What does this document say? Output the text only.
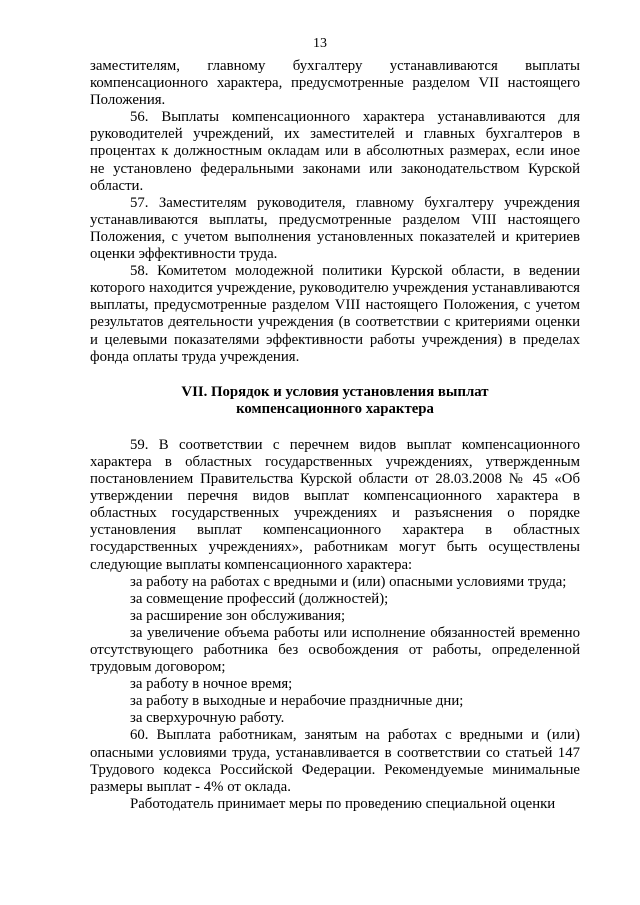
13

заместителям, главному бухгалтеру устанавливаются выплаты компенсационного характера, предусмотренные разделом VII настоящего Положения.

56. Выплаты компенсационного характера устанавливаются для руководителей учреждений, их заместителей и главных бухгалтеров в процентах к должностным окладам или в абсолютных размерах, если иное не установлено федеральными законами или законодательством Курской области.

57. Заместителям руководителя, главному бухгалтеру учреждения устанавливаются выплаты, предусмотренные разделом VIII настоящего Положения, с учетом выполнения установленных показателей и критериев оценки эффективности труда.

58. Комитетом молодежной политики Курской области, в ведении которого находится учреждение, руководителю учреждения устанавливаются выплаты, предусмотренные разделом VIII настоящего Положения, с учетом результатов деятельности учреждения (в соответствии с критериями оценки и целевыми показателями эффективности работы учреждения) в пределах фонда оплаты труда учреждения.

VII. Порядок и условия установления выплат
компенсационного характера

59. В соответствии с перечнем видов выплат компенсационного характера в областных государственных учреждениях, утвержденным постановлением Правительства Курской области от 28.03.2008 № 45 «Об утверждении перечня видов выплат компенсационного характера в областных государственных учреждениях и разъяснения о порядке установления выплат компенсационного характера в областных государственных учреждениях», работникам могут быть осуществлены следующие выплаты компенсационного характера:

за работу на работах с вредными и (или) опасными условиями труда;

за совмещение профессий (должностей);

за расширение зон обслуживания;

за увеличение объема работы или исполнение обязанностей временно отсутствующего работника без освобождения от работы, определенной трудовым договором;

за работу в ночное время;

за работу в выходные и нерабочие праздничные дни;

за сверхурочную работу.

60. Выплата работникам, занятым на работах с вредными и (или) опасными условиями труда, устанавливается в соответствии со статьей 147 Трудового кодекса Российской Федерации. Рекомендуемые минимальные размеры выплат - 4% от оклада.

Работодатель принимает меры по проведению специальной оценки
